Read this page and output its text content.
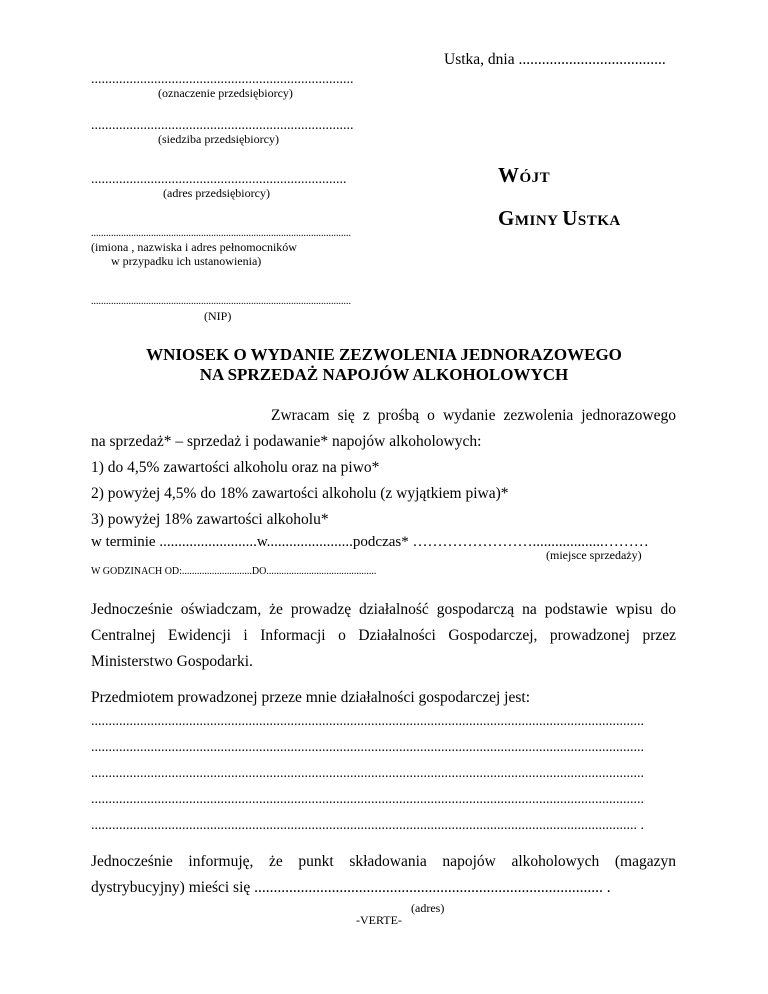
Ustka, dnia ......................................
...........................................................................
(oznaczenie przedsiębiorcy)
...........................................................................
(siedziba przedsiębiorcy)
.........................................................................
(adres przedsiębiorcy)
........................................................................................................
(imiona , nazwiska i adres pełnomocników
w przypadku ich ustanowienia)
........................................................................................................
(NIP)
WÓJT
GMINY USTKA
WNIOSEK O WYDANIE ZEZWOLENIA JEDNORAZOWEGO
NA SPRZEDAŻ NAPOJÓW ALKOHOLOWYCH
Zwracam się z prośbą o wydanie zezwolenia jednorazowego
na sprzedaż* – sprzedaż i podawanie* napojów alkoholowych:
1) do 4,5% zawartości alkoholu oraz na piwo*
2) powyżej 4,5% do 18% zawartości alkoholu (z wyjątkiem piwa)*
3) powyżej 18% zawartości alkoholu*
w terminie ..........................w.......................podczas* ……………………...................………
(miejsce sprzedaży)
W GODZINACH OD:............................DO............................................
Jednocześnie oświadczam, że prowadzę działalność gospodarczą na podstawie wpisu do
Centralnej Ewidencji i Informacji o Działalności Gospodarczej, prowadzonej przez
Ministerstwo Gospodarki.
Przedmiotem prowadzonej przeze mnie działalności gospodarczej jest:
..............................................................................................................................................................
..............................................................................................................................................................
..............................................................................................................................................................
..............................................................................................................................................................
............................................................................................................................................................ .
Jednocześnie informuję, że punkt składowania napojów alkoholowych (magazyn
dystrybucyjny) mieści się .......................................................................................... .
(adres)
-VERTE-
